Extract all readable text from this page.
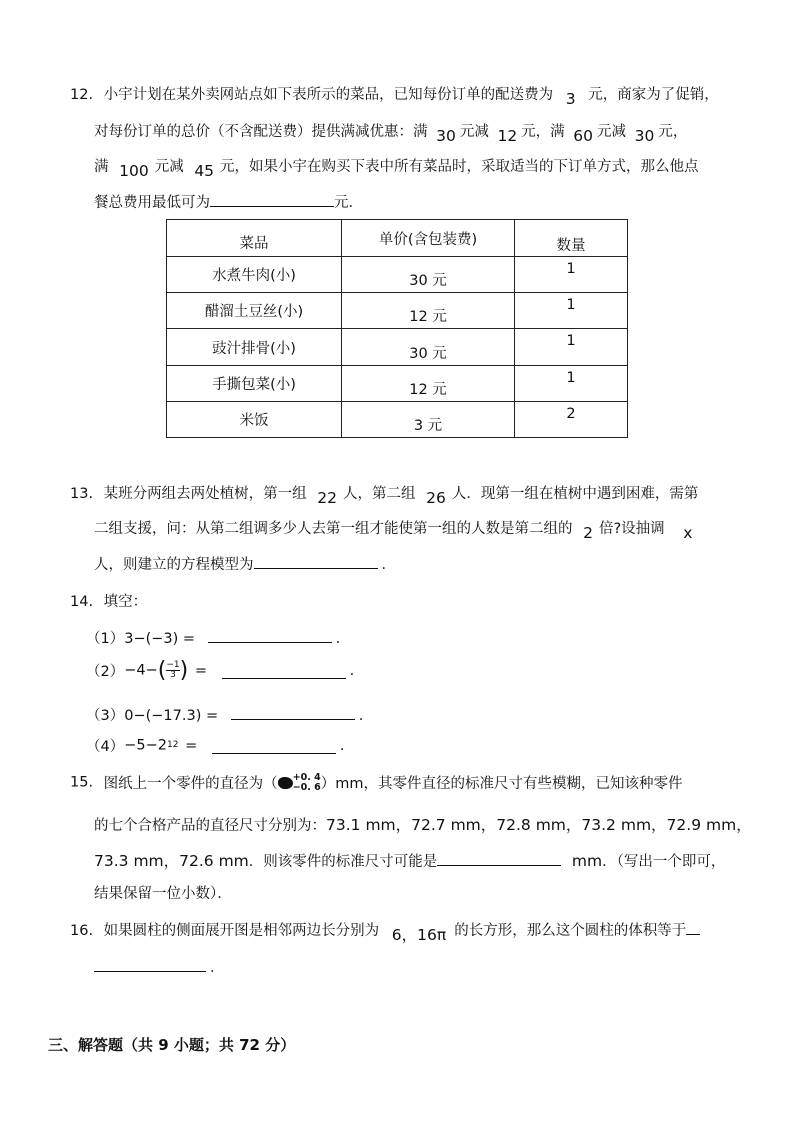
12. 小宇计划在某外卖网站点如下表所示的菜品，已知每份订单的配送费为 3 元，商家为了促销，
对每份订单的总价（不含配送费）提供满减优惠：满 30 元减 12 元，满 60 元减 30 元，
满 100 元减 45 元，如果小宇在购买下表中所有菜品时，采取适当的下订单方式，那么他点
餐总费用最低可为	元．
菜品	单价(含包装费)	数量
水煮牛肉(小)	30 元	1
醋溜土豆丝(小)	12 元	1
豉汁排骨(小)	30 元	1
手撕包菜(小)	12 元	1
米饭	3 元	2
13. 某班分两组去两处植树，第一组 22 人，第二组 26 人．现第一组在植树中遇到困难，需第
二组支援，问：从第二组调多少人去第一组才能使第一组的人数是第二组的 2 倍?设抽调 x
人，则建立的方程模型为	．
14. 填空：
（1）3−(−3) =	.
$(2)-4-( \frac{-1}{3}$ ) =	.
（3）0−(−17.3) =	.
（4）−5−212 =	.
15. 图纸上一个零件的直径为（ +0. 4
−0. 6 ）mm，其零件直径的标准尺寸有些模糊，已知该种零件
的七个合格产品的直径尺寸分别为：73.1 mm，72.7 mm，72.8 mm，73.2 mm，72.9 mm，
73.3 mm，72.6 mm．则该零件的标准尺寸可能是	mm．（写出一个即可，
结果保留一位小数）．
16. 如果圆柱的侧面展开图是相邻两边长分别为 6，16π 的长方形，那么这个圆柱的体积等于
．
三、解答题（共 9 小题；共 72 分）
